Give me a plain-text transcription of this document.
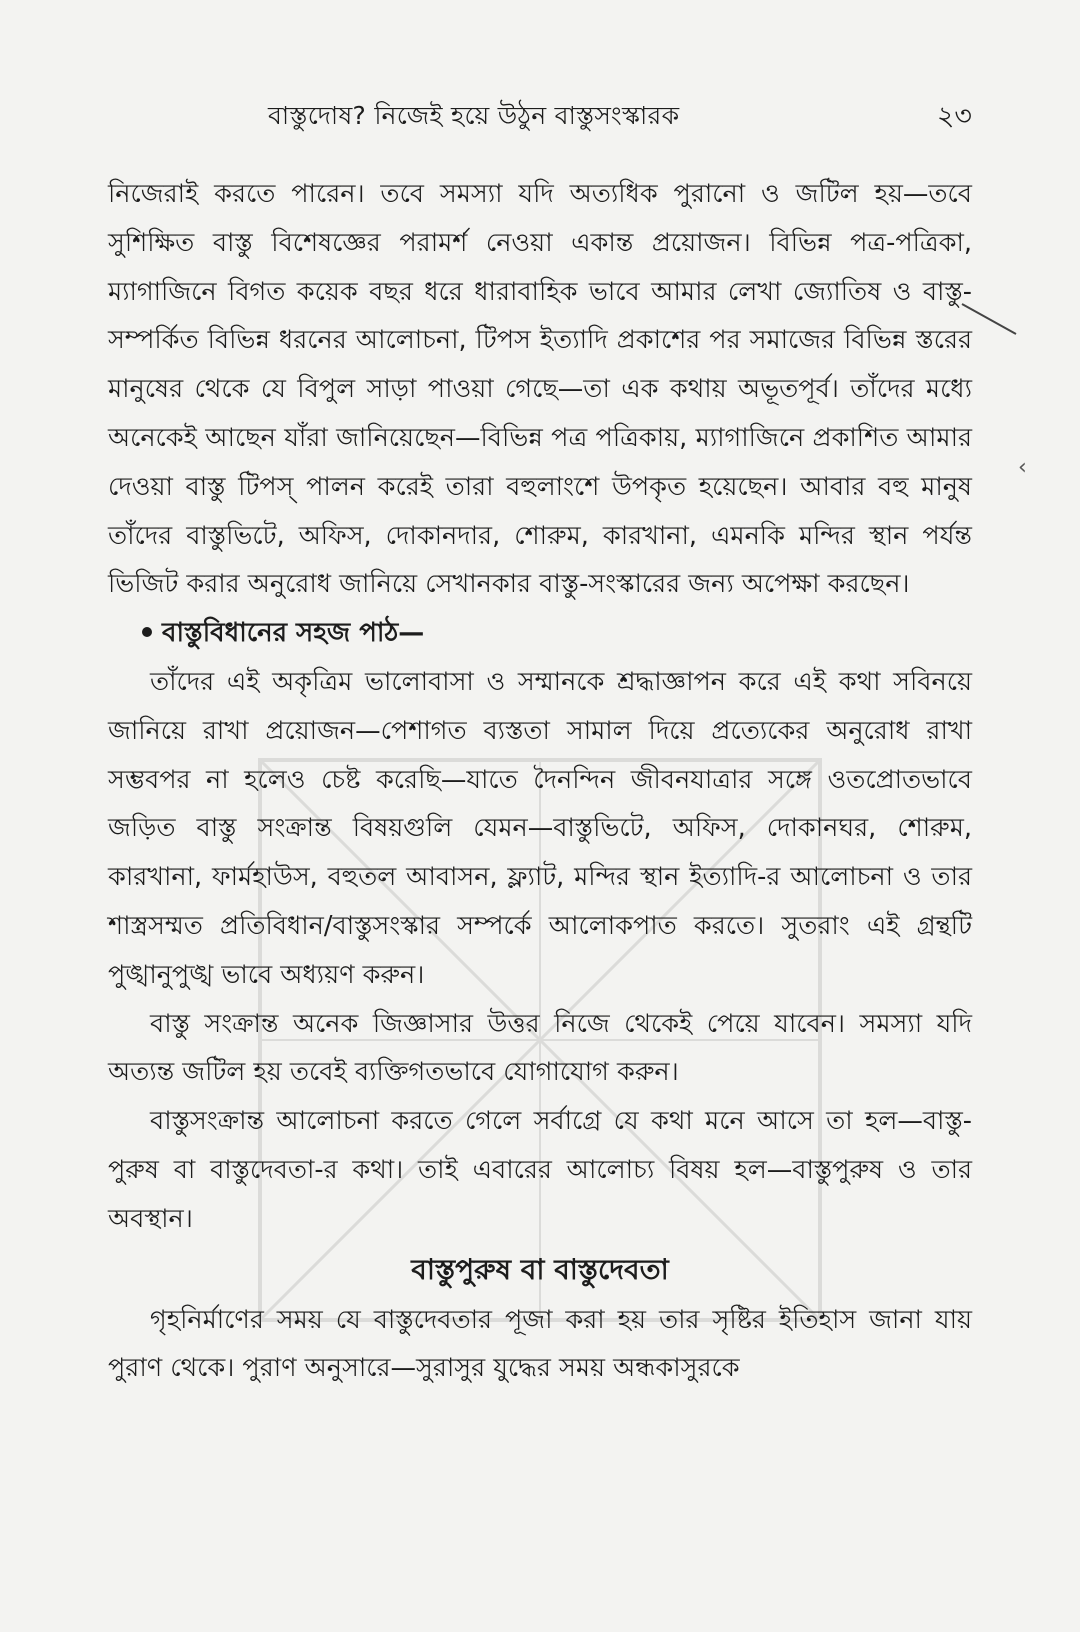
বাস্তুদোষ? নিজেই হয়ে উঠুন বাস্তুসংস্কারক	২৩

নিজেরাই করতে পারেন। তবে সমস্যা যদি অত্যধিক পুরানো ও জটিল হয়—তবে সুশিক্ষিত বাস্তু বিশেষজ্ঞের পরামর্শ নেওয়া একান্ত প্রয়োজন। বিভিন্ন পত্র-পত্রিকা, ম্যাগাজিনে বিগত কয়েক বছর ধরে ধারাবাহিক ভাবে আমার লেখা জ্যোতিষ ও বাস্তু-সম্পর্কিত বিভিন্ন ধরনের আলোচনা, টিপস ইত্যাদি প্রকাশের পর সমাজের বিভিন্ন স্তরের মানুষের থেকে যে বিপুল সাড়া পাওয়া গেছে—তা এক কথায় অভূতপূর্ব। তাঁদের মধ্যে অনেকেই আছেন যাঁরা জানিয়েছেন—বিভিন্ন পত্র পত্রিকায়, ম্যাগাজিনে প্রকাশিত আমার দেওয়া বাস্তু টিপস্ পালন করেই তারা বহুলাংশে উপকৃত হয়েছেন। আবার বহু মানুষ তাঁদের বাস্তুভিটে, অফিস, দোকানদার, শোরুম, কারখানা, এমনকি মন্দির স্থান পর্যন্ত ভিজিট করার অনুরোধ জানিয়ে সেখানকার বাস্তু-সংস্কারের জন্য অপেক্ষা করছেন।

বাস্তুবিধানের সহজ পাঠ—

তাঁদের এই অকৃত্রিম ভালোবাসা ও সম্মানকে শ্রদ্ধাজ্ঞাপন করে এই কথা সবিনয়ে জানিয়ে রাখা প্রয়োজন—পেশাগত ব্যস্ততা সামাল দিয়ে প্রত্যেকের অনুরোধ রাখা সম্ভবপর না হলেও চেষ্ট করেছি—যাতে দৈনন্দিন জীবনযাত্রার সঙ্গে ওতপ্রোতভাবে জড়িত বাস্তু সংক্রান্ত বিষয়গুলি যেমন—বাস্তুভিটে, অফিস, দোকানঘর, শোরুম, কারখানা, ফার্মহাউস, বহুতল আবাসন, ফ্ল্যাট, মন্দির স্থান ইত্যাদি-র আলোচনা ও তার শাস্ত্রসম্মত প্রতিবিধান/বাস্তুসংস্কার সম্পর্কে আলোকপাত করতে। সুতরাং এই গ্রন্থটি পুঙ্খানুপুঙ্খ ভাবে অধ্যয়ণ করুন।

বাস্তু সংক্রান্ত অনেক জিজ্ঞাসার উত্তর নিজে থেকেই পেয়ে যাবেন। সমস্যা যদি অত্যন্ত জটিল হয় তবেই ব্যক্তিগতভাবে যোগাযোগ করুন।

বাস্তুসংক্রান্ত আলোচনা করতে গেলে সর্বাগ্রে যে কথা মনে আসে তা হল—বাস্তু-পুরুষ বা বাস্তুদেবতা-র কথা। তাই এবারের আলোচ্য বিষয় হল—বাস্তুপুরুষ ও তার অবস্থান।

বাস্তুপুরুষ বা বাস্তুদেবতা

গৃহনির্মাণের সময় যে বাস্তুদেবতার পূজা করা হয় তার সৃষ্টির ইতিহাস জানা যায় পুরাণ থেকে। পুরাণ অনুসারে—সুরাসুর যুদ্ধের সময় অন্ধকাসুরকে

‹
